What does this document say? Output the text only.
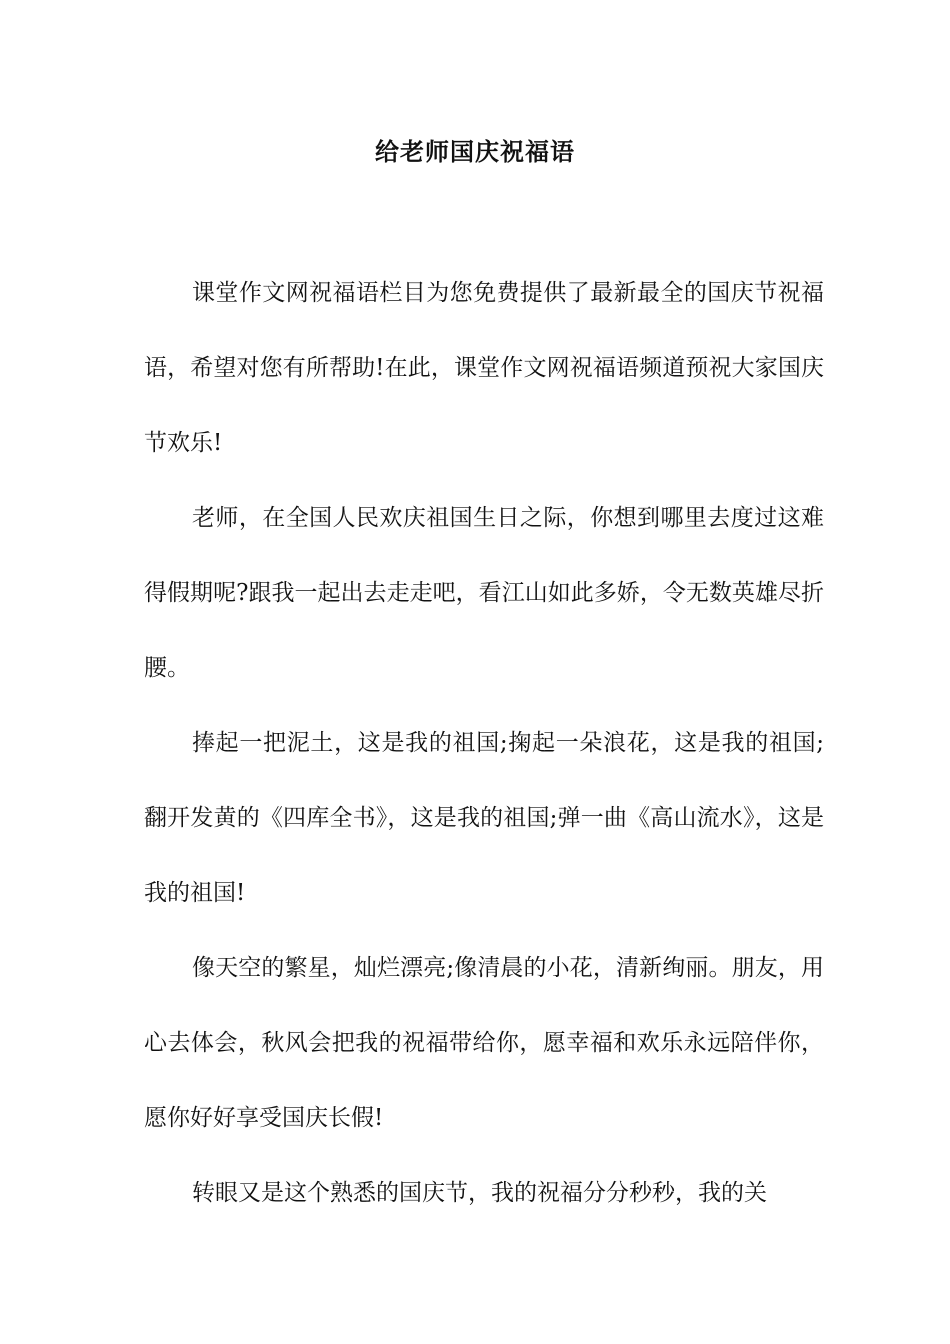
给老师国庆祝福语

课堂作文网祝福语栏目为您免费提供了最新最全的国庆节祝福语，希望对您有所帮助!在此，课堂作文网祝福语频道预祝大家国庆节欢乐!

老师，在全国人民欢庆祖国生日之际，你想到哪里去度过这难得假期呢?跟我一起出去走走吧，看江山如此多娇，令无数英雄尽折腰。

捧起一把泥土，这是我的祖国;掬起一朵浪花，这是我的祖国;翻开发黄的《四库全书》，这是我的祖国;弹一曲《高山流水》，这是我的祖国!

像天空的繁星，灿烂漂亮;像清晨的小花，清新绚丽。朋友，用心去体会，秋风会把我的祝福带给你，愿幸福和欢乐永远陪伴你，愿你好好享受国庆长假!

转眼又是这个熟悉的国庆节，我的祝福分分秒秒，我的关
